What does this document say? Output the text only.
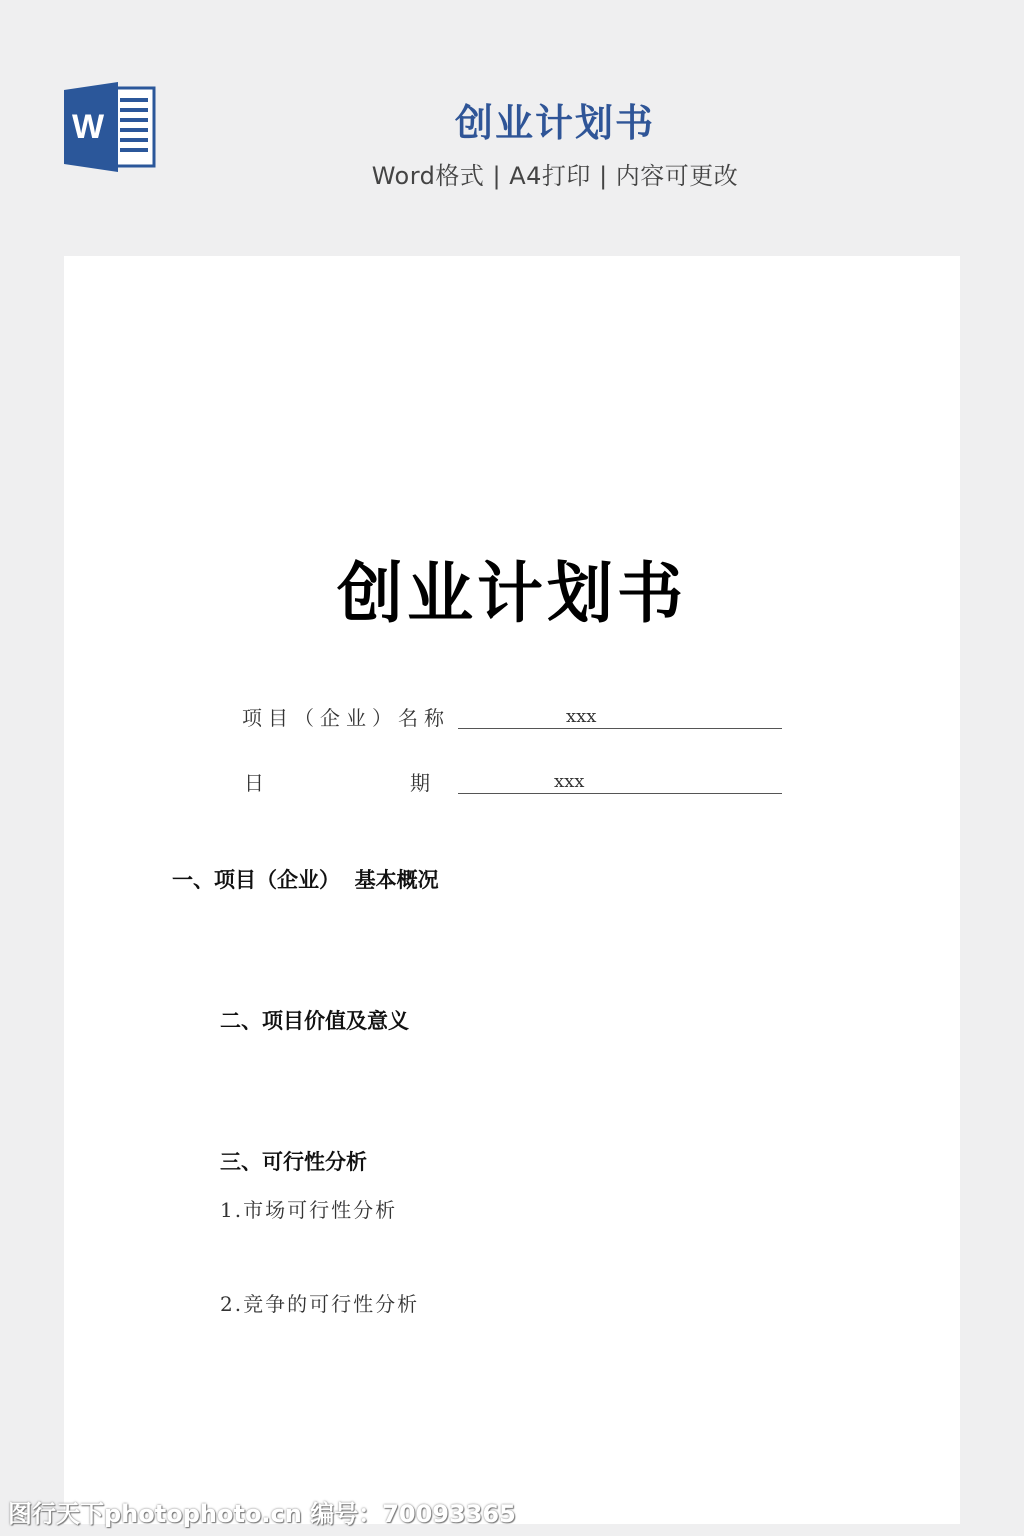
W	创业计划书
Word格式 | A4打印 | 内容可更改
创业计划书
项目（企业）名称	xxx
日	期	xxx
一、项目（企业）  基本概况
二、项目价值及意义
三、可行性分析
1.市场可行性分析
2.竞争的可行性分析
图行天下photophoto.cn 编号：70093365
